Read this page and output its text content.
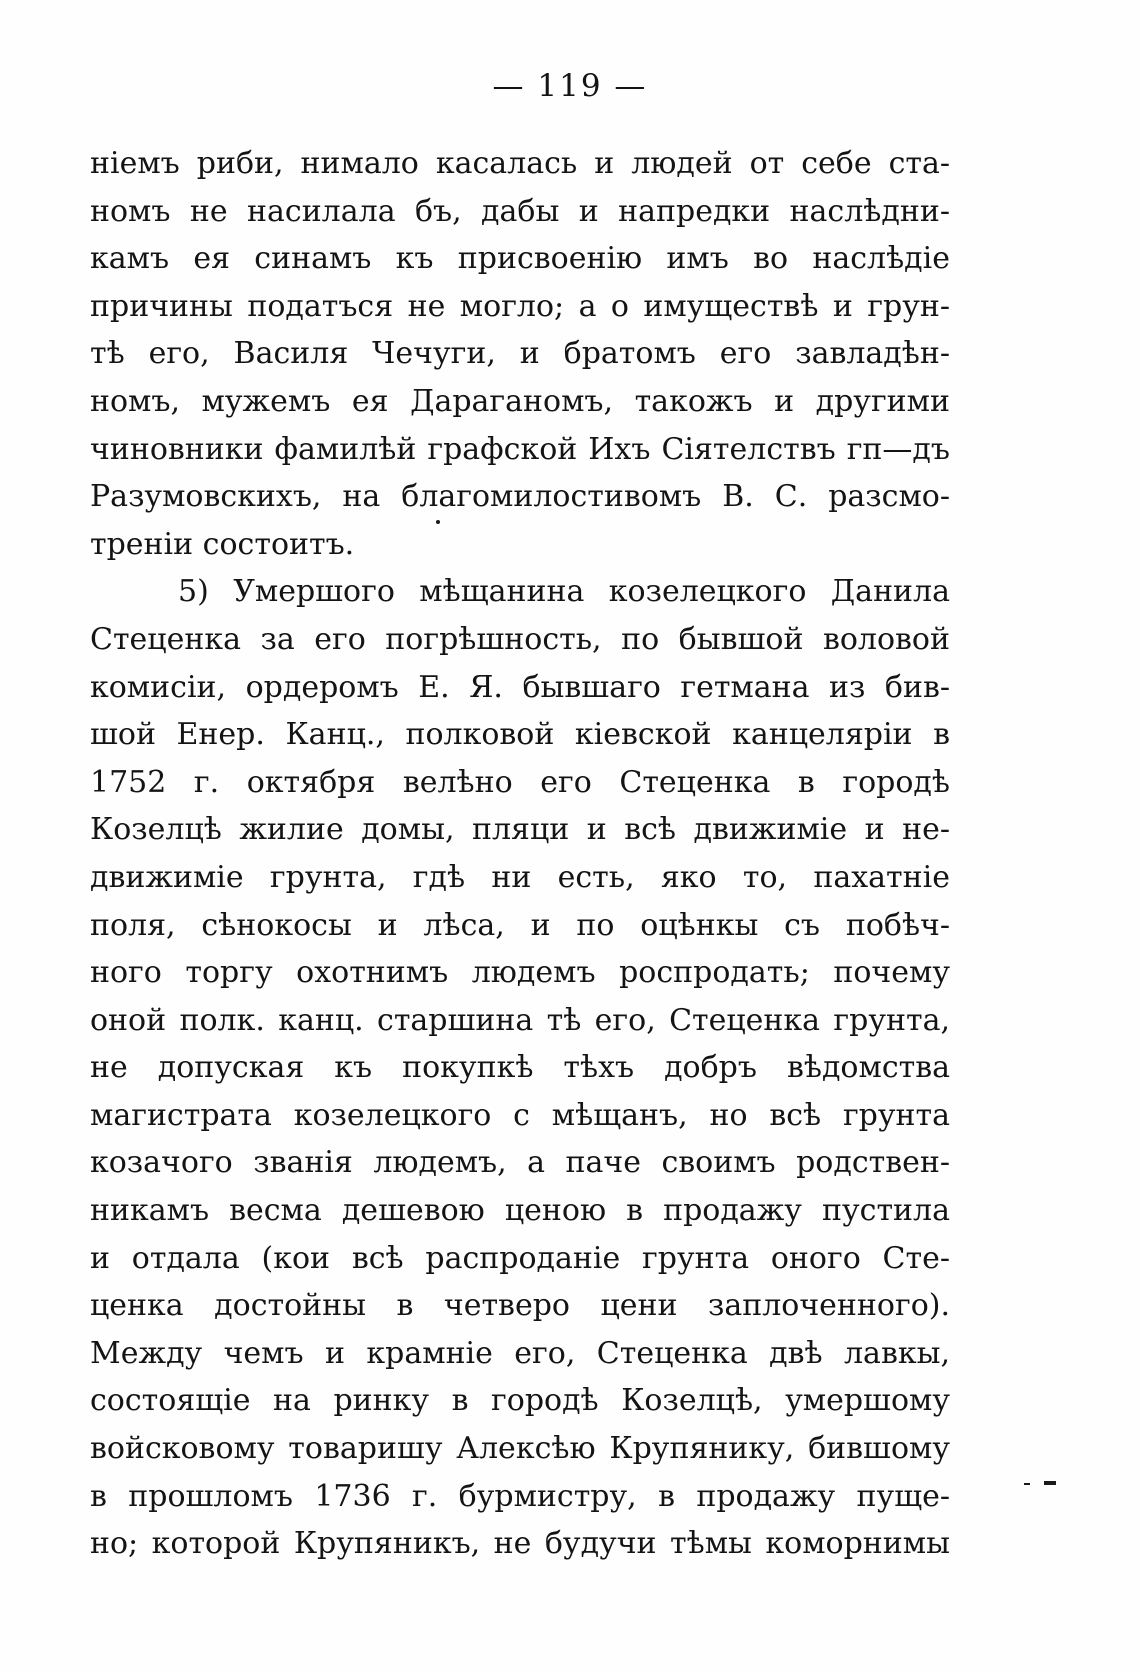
— 119 —
ніемъ риби, нимало касалась и людей от себе ста-
номъ не насилала бъ, дабы и напредки наслѣдни-
камъ ея синамъ къ присвоенію имъ во наслѣдіе
причины податъся не могло; а о имуществѣ и грун-
тѣ его, Василя Чечуги, и братомъ его завладѣн-
номъ, мужемъ ея Дараганомъ, такожъ и другими
чиновники фамилѣй графской Ихъ Сіятелствъ гп—дъ
Разумовскихъ, на благомилостивомъ В. С. разсмо-
треніи состоитъ.
5) Умершого мѣщанина козелецкого Данила
Стеценка за его погрѣшность, по бывшой воловой
комисіи, ордеромъ Е. Я. бывшаго гетмана из бив-
шой Енер. Канц., полковой кіевской канцеляріи в
1752 г. октября велѣно его Стеценка в городѣ
Козелцѣ жилие домы, пляци и всѣ движиміе и не-
движиміе грунта, гдѣ ни есть, яко то, пахатніе
поля, сѣнокосы и лѣса, и по оцѣнкы съ побѣч-
ного торгу охотнимъ людемъ роспродать; почему
оной полк. канц. старшина тѣ его, Стеценка грунта,
не допуская къ покупкѣ тѣхъ добръ вѣдомства
магистрата козелецкого с мѣщанъ, но всѣ грунта
козачого званія людемъ, а паче своимъ родствен-
никамъ весма дешевою ценою в продажу пустила
и отдала (кои всѣ распроданіе грунта оного Сте-
ценка достойны в четверо цени заплоченного).
Между чемъ и крамніе его, Стеценка двѣ лавкы,
состоящіе на ринку в городѣ Козелцѣ, умершому
войсковому товаришу Алексѣю Крупянику, бившому
в прошломъ 1736 г. бурмистру, в продажу пуще-
но; которой Крупяникъ, не будучи тѣмы коморнимы
